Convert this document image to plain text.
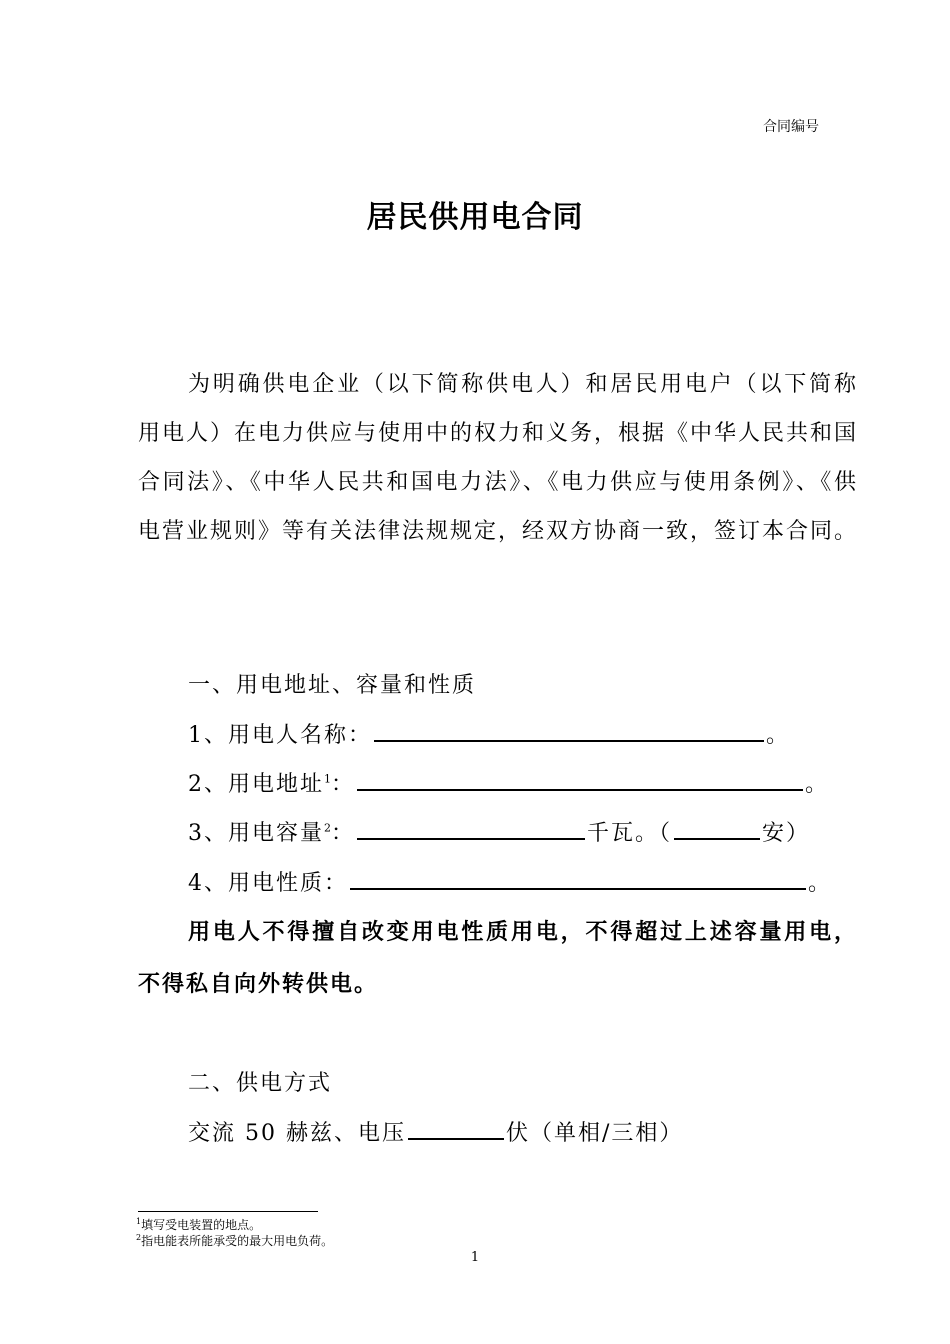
合同编号
居民供用电合同

为明确供电企业（以下简称供电人）和居民用电户（以下简称用电人）在电力供应与使用中的权力和义务，根据《中华人民共和国合同法》、《中华人民共和国电力法》、《电力供应与使用条例》、《供电营业规则》等有关法律法规规定，经双方协商一致，签订本合同。

一、用电地址、容量和性质
1、用电人名称：	。
2、用电地址$^1$：	。
3、用电容量$^2$：	千瓦。（	安）
4、用电性质：	。

用电人不得擅自改变用电性质用电，不得超过上述容量用电，不得私自向外转供电。

二、供电方式
交流 50 赫兹、电压	伏（单相/三相）
$^1$填写受电装置的地点。
$^2$指电能表所能承受的最大用电负荷。
1
